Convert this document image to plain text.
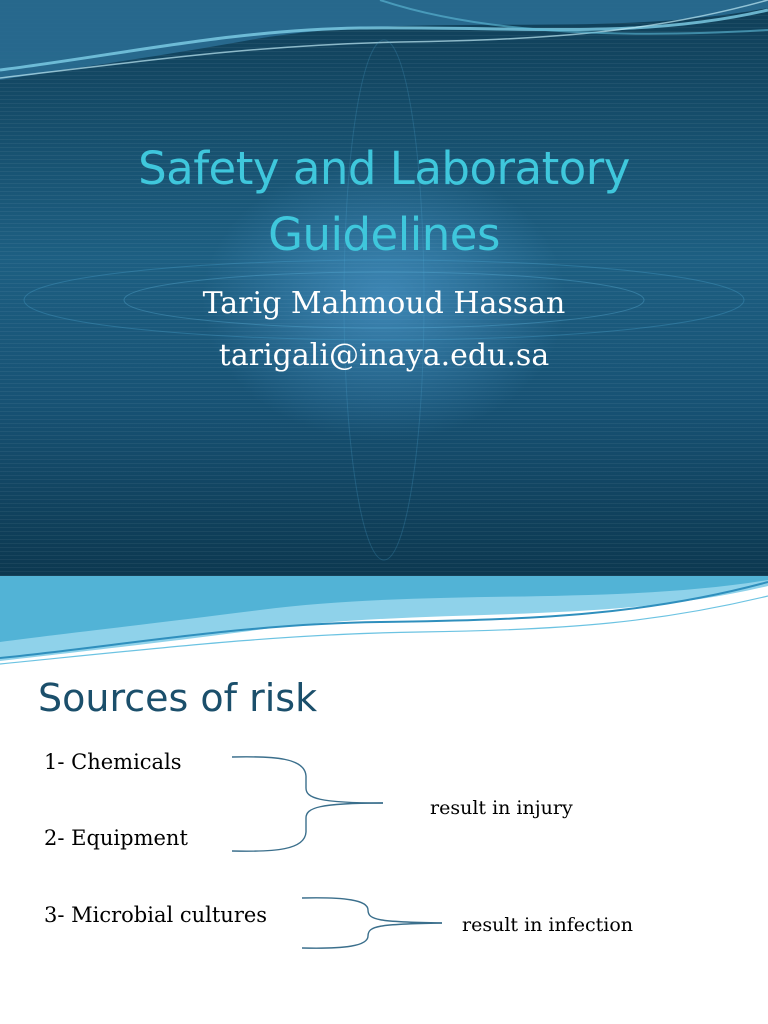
Safety and Laboratory
Guidelines
Tarig Mahmoud Hassan
tarigali@inaya.edu.sa
Sources of risk
1- Chemicals
2- Equipment
3- Microbial cultures
result in injury
result in infection
